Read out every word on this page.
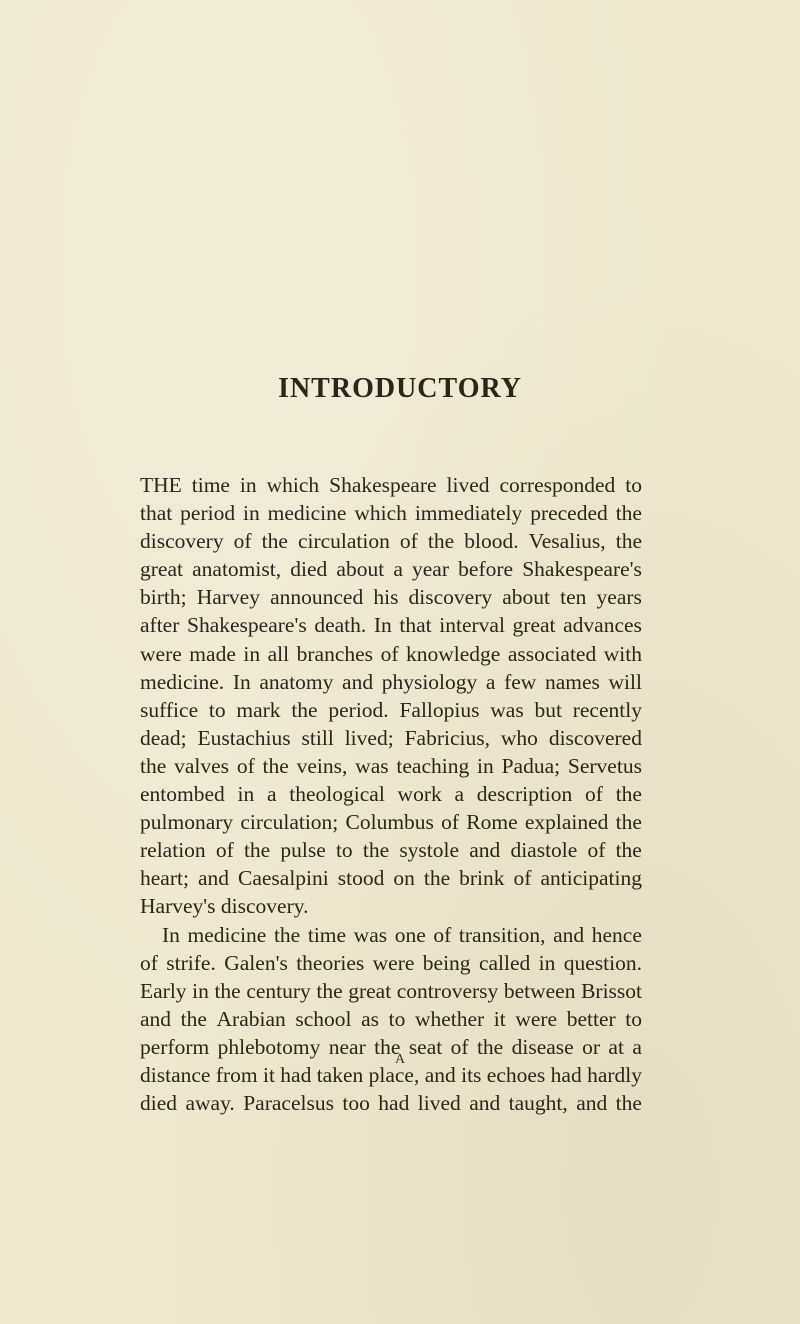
INTRODUCTORY
THE time in which Shakespeare lived corresponded to
that period in medicine which immediately preceded the
discovery of the circulation of the blood. Vesalius, the
great anatomist, died about a year before Shakespeare's
birth; Harvey announced his discovery about ten years
after Shakespeare's death. In that interval great advances
were made in all branches of knowledge associated with
medicine. In anatomy and physiology a few names will
suffice to mark the period. Fallopius was but recently
dead; Eustachius still lived; Fabricius, who discovered
the valves of the veins, was teaching in Padua; Servetus
entombed in a theological work a description of the
pulmonary circulation; Columbus of Rome explained the
relation of the pulse to the systole and diastole of the
heart; and Caesalpini stood on the brink of anticipating
Harvey's discovery.
In medicine the time was one of transition, and hence
of strife. Galen's theories were being called in question.
Early in the century the great controversy between Brissot
and the Arabian school as to whether it were better to
perform phlebotomy near the seat of the disease or at a
distance from it had taken place, and its echoes had hardly
died away. Paracelsus too had lived and taught, and the
A
